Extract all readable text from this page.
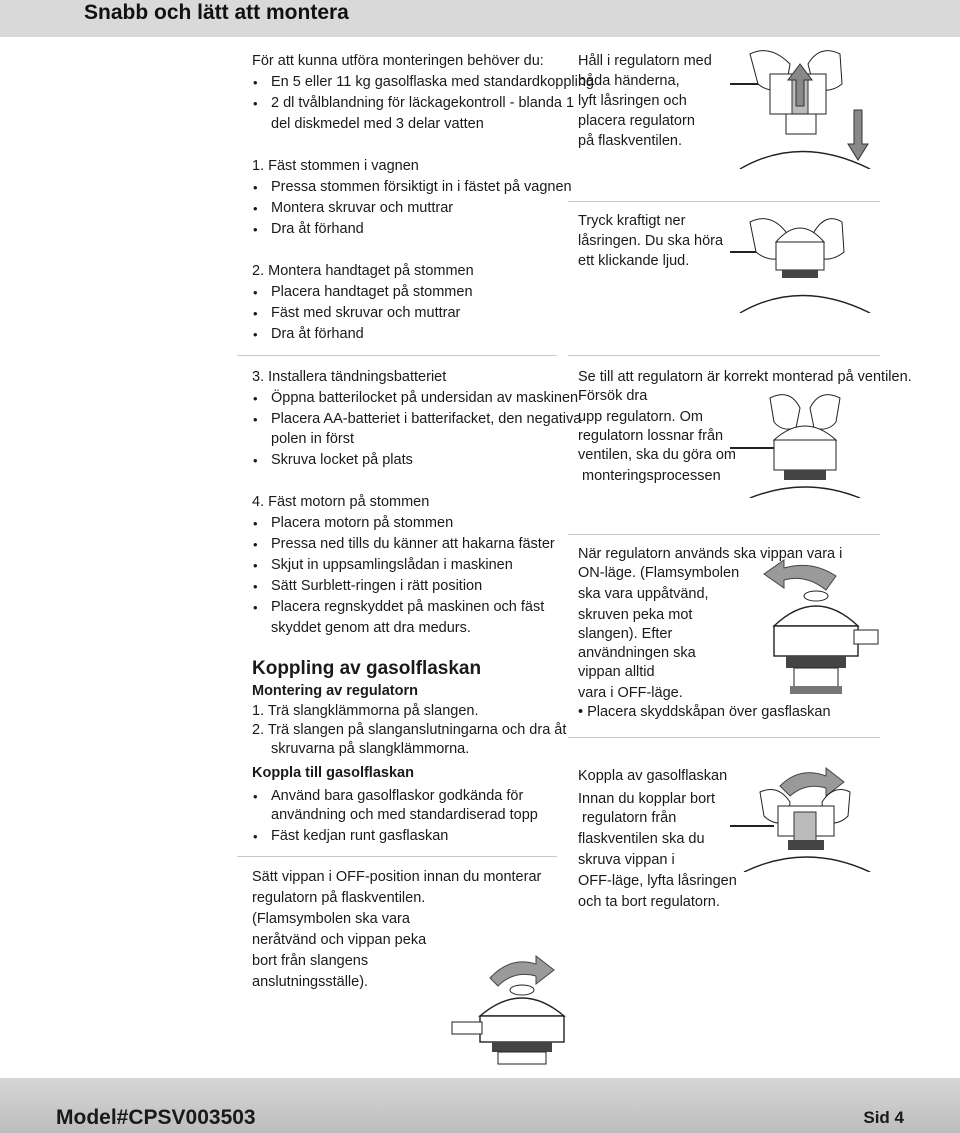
Snabb och lätt att montera
För att kunna utföra monteringen behöver du:
• En 5 eller 11 kg gasolflaska med standardkoppling
• 2 dl tvålblandning för läckagekontroll - blanda 1
del diskmedel med 3 delar vatten
1. Fäst stommen i vagnen
• Pressa stommen försiktigt in i fästet på vagnen
• Montera skruvar och muttrar
• Dra åt förhand
2. Montera handtaget på stommen
• Placera handtaget på stommen
• Fäst med skruvar och muttrar
• Dra åt förhand
3. Installera tändningsbatteriet
• Öppna batterilocket på undersidan av maskinen
• Placera AA-batteriet i batterifacket, den negativa
polen in först
• Skruva locket på plats
4. Fäst motorn på stommen
• Placera motorn på stommen
• Pressa ned tills du känner att hakarna fäster
• Skjut in uppsamlingslådan i maskinen
• Sätt Surblett-ringen i rätt position
• Placera regnskyddet på maskinen och fäst
skyddet genom att dra medurs.
Koppling av gasolflaskan
Montering av regulatorn
1. Trä slangklämmorna på slangen.
2. Trä slangen på slanganslutningarna och dra åt
skruvarna på slangklämmorna.
Koppla till gasolflaskan
• Använd bara gasolflaskor godkända för
användning och med standardiserad topp
• Fäst kedjan runt gasflaskan
Sätt vippan i OFF-position innan du monterar
regulatorn på flaskventilen.
(Flamsymbolen ska vara
neråtvänd och vippan peka
bort från slangens
anslutningsställe).
Håll i regulatorn med
båda händerna,
lyft låsringen och
placera regulatorn
på flaskventilen.
Tryck kraftigt ner
låsringen. Du ska höra
ett klickande ljud.
Se till att regulatorn är korrekt monterad på ventilen.
Försök dra
upp regulatorn. Om
regulatorn lossnar från
ventilen, ska du göra om
monteringsprocessen
När regulatorn används ska vippan vara i
ON-läge. (Flamsymbolen
ska vara uppåtvänd,
skruven peka mot
slangen). Efter
användningen ska
vippan alltid
vara i OFF-läge.
• Placera skyddskåpan över gasflaskan
Koppla av gasolflaskan
Innan du kopplar bort
regulatorn från
flaskventilen ska du
skruva vippan i
OFF-läge, lyfta låsringen
och ta bort regulatorn.
Model#CPSV003503	Sid 4
